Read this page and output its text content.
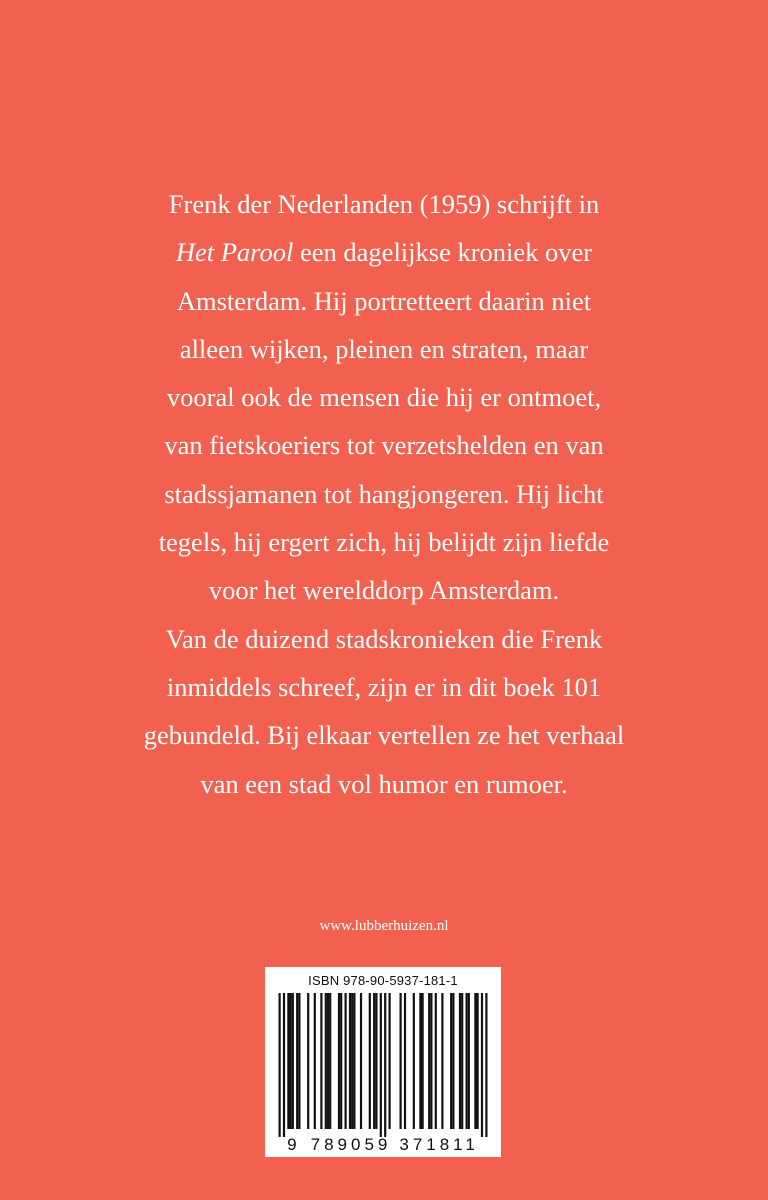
Frenk der Nederlanden (1959) schrijft in
Het Parool een dagelijkse kroniek over
Amsterdam. Hij portretteert daarin niet
alleen wijken, pleinen en straten, maar
vooral ook de mensen die hij er ontmoet,
van fietskoeriers tot verzetshelden en van
stadssjamanen tot hangjongeren. Hij licht
tegels, hij ergert zich, hij belijdt zijn liefde
voor het werelddorp Amsterdam.
Van de duizend stadskronieken die Frenk
inmiddels schreef, zijn er in dit boek 101
gebundeld. Bij elkaar vertellen ze het verhaal
van een stad vol humor en rumoer.
www.lubberhuizen.nl
ISBN 978-90-5937-181-1
9 789059 371811
